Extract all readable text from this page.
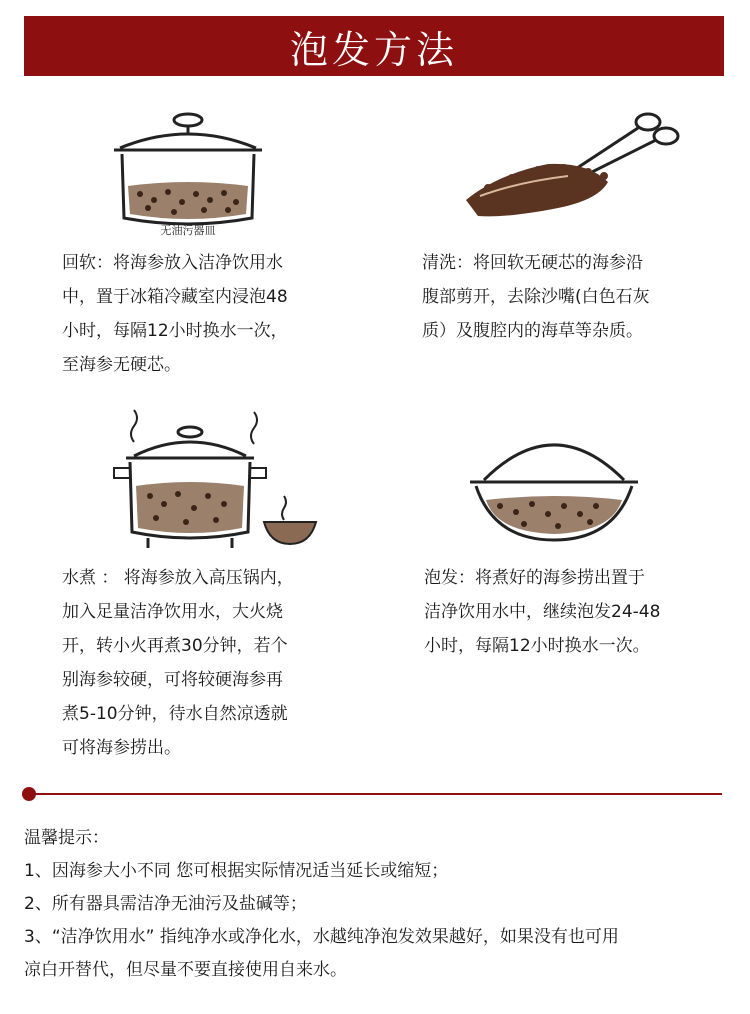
泡发方法
无油污器皿

回软：将海参放入洁净饮用水

中，置于冰箱冷藏室内浸泡48

小时，每隔12小时换水一次，

至海参无硬芯。

清洗：将回软无硬芯的海参沿

腹部剪开，去除沙嘴(白色石灰

质）及腹腔内的海草等杂质。

水煮 ： 将海参放入高压锅内，

加入足量洁净饮用水，大火烧

开，转小火再煮30分钟，若个

别海参较硬，可将较硬海参再

煮5-10分钟，待水自然凉透就

可将海参捞出。

泡发：将煮好的海参捞出置于

洁净饮用水中，继续泡发24-48

小时，每隔12小时换水一次。

温馨提示：

1、因海参大小不同 您可根据实际情况适当延长或缩短；

2、所有器具需洁净无油污及盐碱等；

3、“洁净饮用水” 指纯净水或净化水，水越纯净泡发效果越好，如果没有也可用

凉白开替代，但尽量不要直接使用自来水。
